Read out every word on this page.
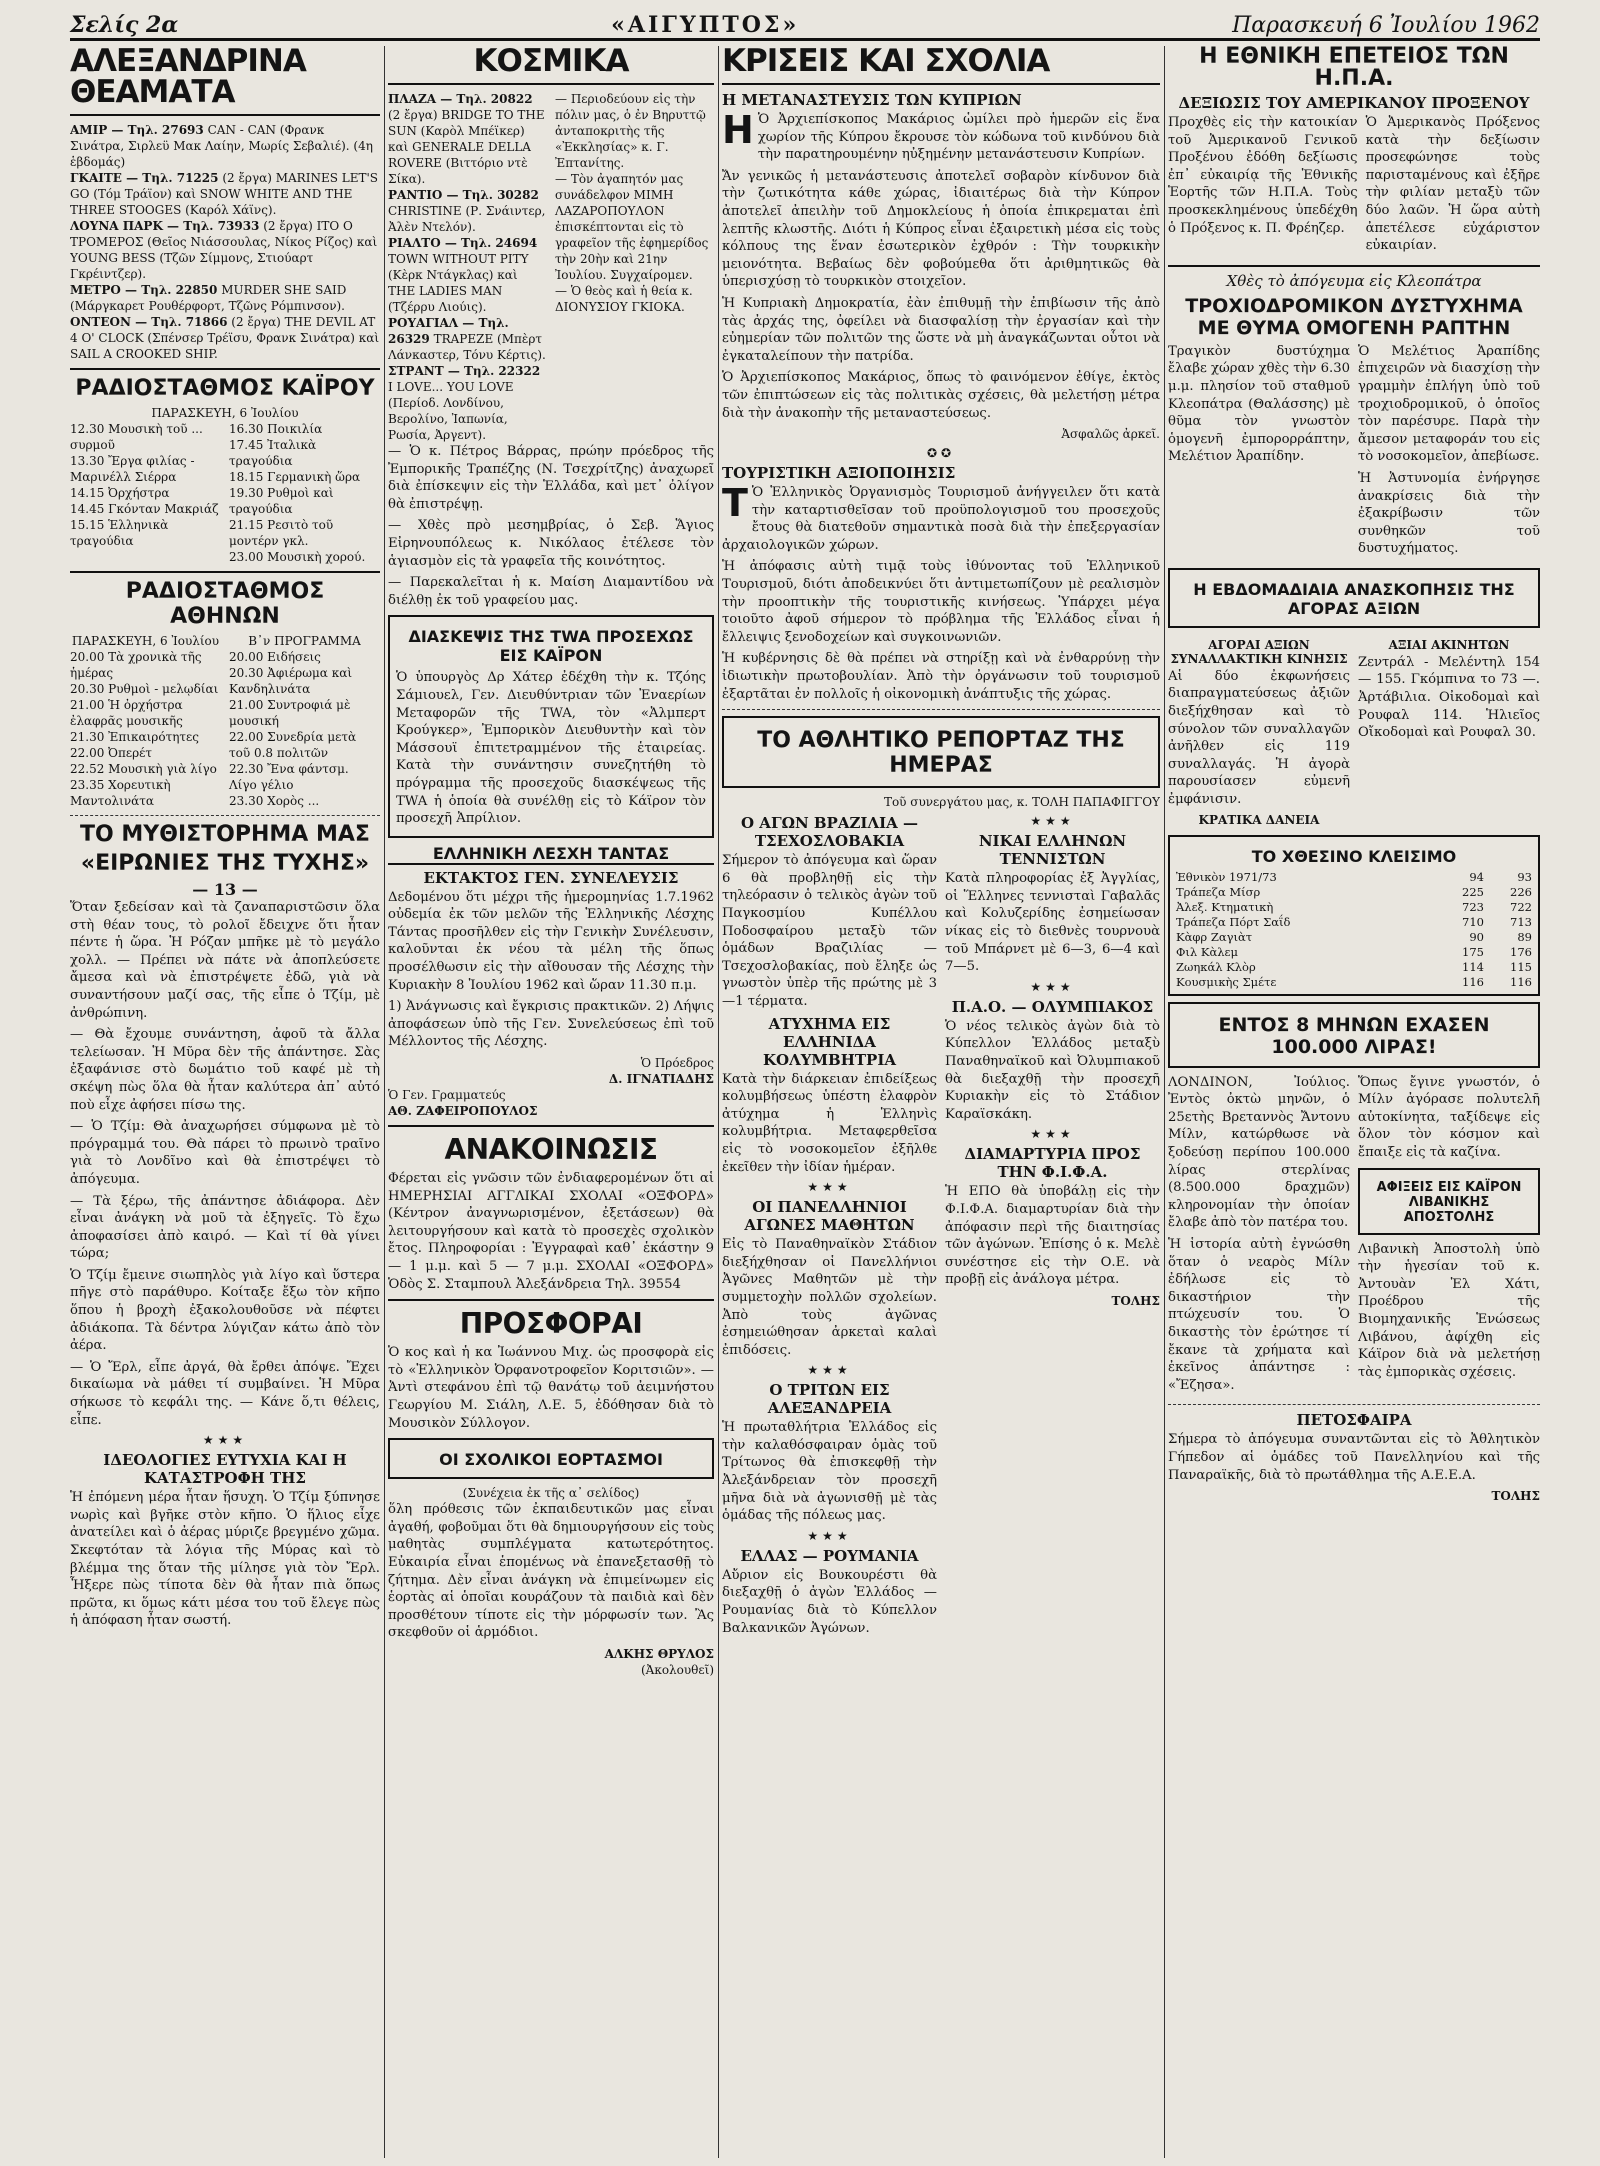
Σελίς 2α	«ΑΙΓΥΠΤΟΣ»	Παρασκευή 6 Ἰουλίου 1962
ΑΛΕΞΑΝΔΡΙΝΑ ΘΕΑΜΑΤΑ

ΑΜΙΡ — Τηλ. 27693 CAN - CAN (Φρανκ Σινάτρα, Σιρλεϋ Μακ Λαίην, Μωρίς Σεβαλιέ). (4η ἑβδομάς)

ΓΚΑΙΤΕ — Τηλ. 71225 (2 ἔργα) MARINES LET'S GO (Τόμ Τράϊον) καὶ SNOW WHITE AND THE THREE STOOGES (Καρόλ Χάϊνς).

ΛΟΥΝΑ ΠΑΡΚ — Τηλ. 73933 (2 ἔργα) ΙΤΟ Ο ΤΡΟΜΕΡΟΣ (Θεῖος Νιάσσουλας, Νίκος Ρίζος) καὶ YOUNG BESS (Τζῶν Σίμμονς, Στιούαρτ Γκρέιντζερ).

ΜΕΤΡΟ — Τηλ. 22850 MURDER SHE SAID (Μάργκαρετ Ρουθέρφορτ, Τζῶνς Ρόμπινσον).

ΟΝΤΕΟΝ — Τηλ. 71866 (2 ἔργα) THE DEVIL AT 4 O' CLOCK (Σπένσερ Τρέϊσυ, Φρανκ Σινάτρα) καὶ SAIL A CROOKED SHIP.

ΡΑΔΙΟΣΤΑΘΜΟΣ ΚΑΪΡΟΥ
ΠΑΡΑΣΚΕΥΗ, 6 Ἰουλίου
12.30 Μουσικὴ τοῦ ... συρμοῦ
13.30 Ἔργα φιλίας - Μαρινέλλ Σιέρρα
14.15 Ὀρχήστρα
14.45 Γκόνταν Μακριάζ
15.15 Ἑλληνικὰ τραγούδια
16.30 Ποικιλία
17.45 Ἰταλικὰ τραγούδια
18.15 Γερμανικὴ ὥρα
19.30 Ρυθμοὶ καὶ τραγούδια
21.15 Ρεσιτὸ τοῦ μοντέρν γκλ.
23.00 Μουσικὴ χορού.
ΡΑΔΙΟΣΤΑΘΜΟΣ ΑΘΗΝΩΝ
ΠΑΡΑΣΚΕΥΗ, 6 Ἰουλίου
20.00 Τὰ χρονικὰ τῆς ἡμέρας
20.30 Ρυθμοὶ - μελῳδίαι
21.00 Ἡ ὀρχήστρα ἐλαφρᾶς μουσικῆς
21.30 Ἐπικαιρότητες
22.00 Ὀπερέτ
22.52 Μουσικὴ γιὰ λίγο
23.35 Χορευτικὴ Μαντολινάτα
Β᾽ν ΠΡΟΓΡΑΜΜΑ
20.00 Ειδήσεις
20.30 Ἀφιέρωμα καὶ Κανδηλινάτα
21.00 Συντροφιά μὲ μουσική
22.00 Συνεδρία μετὰ τοῦ 0.8 πολιτῶν
22.30 Ἔνα φάντσμ. Λίγο γέλιο
23.30 Χορὸς ...
ΤΟ ΜΥΘΙΣΤΟΡΗΜΑ ΜΑΣ
«ΕΙΡΩΝΙΕΣ ΤΗΣ ΤΥΧΗΣ»
— 13 —

Ὅταν ξεδείσαν καὶ τὰ ζαναπαριστῶσιν ὅλα στὴ θέαν τους, τὸ ρολοῖ ἔδειχνε ὅτι ἦταν πέντε ἡ ὥρα. Ἡ Ρόζαν μπῆκε μὲ τὸ μεγάλο χολλ. — Πρέπει νὰ πάτε νὰ ἀποπλεύσετε ἄμεσα καὶ νὰ ἐπιστρέψετε ἐδῶ, γιὰ νὰ συναντήσουν μαζί σας, τῆς εἶπε ὁ Τζίμ, μὲ ἀνθρώπινη.

— Θὰ ἔχουμε συνάντηση, ἀφοῦ τὰ ἄλλα τελείωσαν. Ἡ Μῦρα δὲν τῆς ἀπάντησε. Σὰς ἐξαφάνισε στὸ δωμάτιο τοῦ καφέ μὲ τὴ σκέψη πὼς ὅλα θὰ ἦταν καλύτερα ἀπ᾽ αὐτό ποὺ εἶχε ἀφήσει πίσω της.

— Ὁ Τζίμ: Θὰ ἀναχωρήσει σύμφωνα μὲ τὸ πρόγραμμά του. Θὰ πάρει τὸ πρωινὸ τραῖνο γιὰ τὸ Λονδῖνο καὶ θὰ ἐπιστρέψει τὸ ἀπόγευμα.

— Τὰ ξέρω, τῆς ἀπάντησε ἀδιάφορα. Δὲν εἶναι ἀνάγκη νὰ μοῦ τὰ ἐξηγεῖς. Τὸ ἔχω ἀποφασίσει ἀπὸ καιρό. — Καὶ τί θὰ γίνει τώρα;

Ὁ Τζίμ ἔμεινε σιωπηλὸς γιὰ λίγο καὶ ὕστερα πῆγε στὸ παράθυρο. Κοίταξε ἔξω τὸν κῆπο ὅπου ἡ βροχὴ ἐξακολουθοῦσε νὰ πέφτει ἀδιάκοπα. Τὰ δέντρα λύγιζαν κάτω ἀπὸ τὸν ἀέρα.

— Ὁ Ἔρλ, εἶπε ἀργά, θὰ ἔρθει ἀπόψε. Ἔχει δικαίωμα νὰ μάθει τί συμβαίνει. Ἡ Μῦρα σήκωσε τὸ κεφάλι της. — Κάνε ὅ,τι θέλεις, εἶπε.

★★★
ΙΔΕΟΛΟΓΙΕΣ ΕΥΤΥΧΙΑ ΚΑΙ Η ΚΑΤΑΣΤΡΟΦΗ ΤΗΣ

Ἡ ἐπόμενη μέρα ἦταν ἥσυχη. Ὁ Τζίμ ξύπνησε νωρὶς καὶ βγῆκε στὸν κῆπο. Ὁ ἥλιος εἶχε ἀνατείλει καὶ ὁ ἀέρας μύριζε βρεγμένο χῶμα. Σκεφτόταν τὰ λόγια τῆς Μύρας καὶ τὸ βλέμμα της ὅταν τῆς μίλησε γιὰ τὸν Ἔρλ. Ἦξερε πὼς τίποτα δὲν θὰ ἦταν πιὰ ὅπως πρῶτα, κι ὅμως κάτι μέσα του τοῦ ἔλεγε πὼς ἡ ἀπόφαση ἦταν σωστή.

ΚΟΣΜΙΚΑ

ΠΛΑΖΑ — Τηλ. 20822 (2 ἔργα) BRIDGE TO THE SUN (Καρὸλ Μπέϊκερ) καὶ GENERALE DELLA ROVERE (Βιττόριο ντὲ Σίκα).

ΡΑΝΤΙΟ — Τηλ. 30282 CHRISTINE (Ρ. Σνάιντερ, Ἀλὲν Ντελόν).

ΡΙΑΛΤΟ — Τηλ. 24694 TOWN WITHOUT PITY (Κὲρκ Ντάγκλας) καὶ THE LADIES MAN (Τζέρρυ Λιούις).

ΡΟΥΑΓΙΑΛ — Τηλ. 26329 TRAPEZE (Μπὲρτ Λάνκαστερ, Τόνυ Κέρτις).

ΣΤΡΑΝΤ — Τηλ. 22322 I LOVE... YOU LOVE (Περίοδ. Λονδίνου, Βερολίνο, Ἰαπωνία, Ρωσία, Ἀργεντ).

— Περιοδεύουν εἰς τὴν πόλιν μας, ὁ ἐν Βηρυττῷ ἀνταποκριτὴς τῆς «Ἐκκλησίας» κ. Γ. Ἐπτανίτης.

— Τὸν ἀγαπητόν μας συνάδελφον ΜΙΜΗ ΛΑΖΑΡΟΠΟΥΛΟΝ ἐπισκέπτονται εἰς τὸ γραφεῖον τῆς ἐφημερίδος τὴν 20ὴν καὶ 21ην Ἰουλίου. Συγχαίρομεν.

— Ὁ θεὸς καὶ ἡ θεία κ. ΔΙΟΝΥΣΙΟΥ ΓΚΙΟΚΑ.

— Ὁ κ. Πέτρος Βάρρας, πρώην πρόεδρος τῆς Ἐμπορικῆς Τραπέζης (Ν. Τσεχρίτζης) ἀναχωρεῖ διὰ ἐπίσκεψιν εἰς τὴν Ἑλλάδα, καὶ μετ᾽ ὀλίγον θὰ ἐπιστρέψῃ.

— Χθὲς πρὸ μεσημβρίας, ὁ Σεβ. Ἅγιος Εἰρηνουπόλεως κ. Νικόλαος ἐτέλεσε τὸν ἁγιασμὸν εἰς τὰ γραφεῖα τῆς κοινότητος.

— Παρεκαλεῖται ἡ κ. Μαίση Διαμαντίδου νὰ διέλθῃ ἐκ τοῦ γραφείου μας.

ΔΙΑΣΚΕΨΙΣ ΤΗΣ TWA ΠΡΟΣΕΧΩΣ ΕΙΣ ΚΑΪΡΟΝ

Ὁ ὑπουργὸς Δρ Χάτερ ἐδέχθη τὴν κ. Τζόης Σάμιουελ, Γεν. Διευθύντριαν τῶν Ἐναερίων Μεταφορῶν τῆς TWA, τὸν «Ἀλμπερτ Κρούγκερ», Ἐμπορικὸν Διευθυντὴν καὶ τὸν Μάσσουϊ ἐπιτετραμμένον τῆς ἑταιρείας. Κατὰ τὴν συνάντησιν συνεζητήθη τὸ πρόγραμμα τῆς προσεχοῦς διασκέψεως τῆς TWA ἡ ὁποία θὰ συνέλθῃ εἰς τὸ Κάϊρον τὸν προσεχῆ Ἀπρίλιον.

ΕΛΛΗΝΙΚΗ ΛΕΣΧΗ ΤΑΝΤΑΣ
ΕΚΤΑΚΤΟΣ ΓΕΝ. ΣΥΝΕΛΕΥΣΙΣ

Δεδομένου ὅτι μέχρι τῆς ἡμερομηνίας 1.7.1962 οὐδεμία ἐκ τῶν μελῶν τῆς Ἑλληνικῆς Λέσχης Τάντας προσῆλθεν εἰς τὴν Γενικὴν Συνέλευσιν, καλοῦνται ἐκ νέου τὰ μέλη τῆς ὅπως προσέλθωσιν εἰς τὴν αἴθουσαν τῆς Λέσχης τὴν Κυριακὴν 8 Ἰουλίου 1962 καὶ ὥραν 11.30 π.μ.

1) Ἀνάγνωσις καὶ ἔγκρισις πρακτικῶν. 2) Λήψις ἀποφάσεων ὑπὸ τῆς Γεν. Συνελεύσεως ἐπὶ τοῦ Μέλλοντος τῆς Λέσχης.

Ὁ Πρόεδρος
Δ. ΙΓΝΑΤΙΑΔΗΣ
Ὁ Γεν. Γραμματεύς
ΑΘ. ΖΑΦΕΙΡΟΠΟΥΛΟΣ
ΑΝΑΚΟΙΝΩΣΙΣ

Φέρεται εἰς γνῶσιν τῶν ἐνδιαφερομένων ὅτι αἱ ΗΜΕΡΗΣΙΑΙ ΑΓΓΛΙΚΑΙ ΣΧΟΛΑΙ «ΟΞΦΟΡΔ» (Κέντρον ἀναγνωρισμένον, ἐξετάσεων) θὰ λειτουργήσουν καὶ κατὰ τὸ προσεχὲς σχολικὸν ἔτος. Πληροφορίαι : Ἐγγραφαὶ καθ᾽ ἑκάστην 9 — 1 μ.μ. καὶ 5 — 7 μ.μ. ΣΧΟΛΑΙ «ΟΞΦΟΡΔ» Ὁδὸς Σ. Σταμπουλ Ἀλεξάνδρεια Τηλ. 39554

ΠΡΟΣΦΟΡΑΙ

Ὁ κος καὶ ἡ κα Ἰωάννου Μιχ. ὡς προσφορὰ εἰς τὸ «Ἐλληνικὸν Ὀρφανοτροφεῖον Κοριτσιῶν». — Ἀντὶ στεφάνου ἐπὶ τῷ θανάτῳ τοῦ ἀειμνήστου Γεωργίου Μ. Σιάλη, Λ.Ε. 5, ἐδόθησαν διὰ τὸ Μουσικὸν Σύλλογον.

ΟΙ ΣΧΟΛΙΚΟΙ ΕΟΡΤΑΣΜΟΙ
(Συνέχεια ἐκ τῆς α᾽ σελίδος)

ὅλη πρόθεσις τῶν ἐκπαιδευτικῶν μας εἶναι ἀγαθή, φοβοῦμαι ὅτι θὰ δημιουργήσουν εἰς τοὺς μαθητὰς συμπλέγματα κατωτερότητος. Εὐκαιρία εἶναι ἑπομένως νὰ ἐπανεξετασθῇ τὸ ζήτημα. Δὲν εἶναι ἀνάγκη νὰ ἐπιμείνωμεν εἰς ἑορτὰς αἱ ὁποῖαι κουράζουν τὰ παιδιὰ καὶ δὲν προσθέτουν τίποτε εἰς τὴν μόρφωσίν των. Ἂς σκεφθοῦν οἱ ἁρμόδιοι.

ΑΛΚΗΣ ΘΡΥΛΟΣ
(Ἀκολουθεῖ)
ΚΡΙΣΕΙΣ ΚΑΙ ΣΧΟΛΙΑ
Η ΜΕΤΑΝΑΣΤΕΥΣΙΣ ΤΩΝ ΚΥΠΡΙΩΝ

Η Ὁ Ἀρχιεπίσκοπος Μακάριος ὡμίλει πρὸ ἡμερῶν εἰς ἕνα χωρίον τῆς Κύπρου ἔκρουσε τὸν κώδωνα τοῦ κινδύνου διὰ τὴν παρατηρουμένην ηὐξημένην μετανάστευσιν Κυπρίων.

Ἄν γενικῶς ἡ μετανάστευσις ἀποτελεῖ σοβαρὸν κίνδυνον διὰ τὴν ζωτικότητα κάθε χώρας, ἰδιαιτέρως διὰ τὴν Κύπρον ἀποτελεῖ ἀπειλὴν τοῦ Δημοκλείους ἡ ὁποία ἐπικρεμαται ἐπὶ λεπτῆς κλωστῆς. Διότι ἡ Κύπρος εἶναι ἐξαιρετικὴ μέσα εἰς τοὺς κόλπους της ἕναν ἐσωτερικὸν ἐχθρόν : Τὴν τουρκικὴν μειονότητα. Βεβαίως δὲν φοβούμεθα ὅτι ἀριθμητικῶς θὰ ὑπερισχύσῃ τὸ τουρκικὸν στοιχεῖον.

Ἡ Κυπριακὴ Δημοκρατία, ἐὰν ἐπιθυμῇ τὴν ἐπιβίωσιν τῆς ἀπὸ τὰς ἀρχάς της, ὀφείλει νὰ διασφαλίσῃ τὴν ἐργασίαν καὶ τὴν εὐημερίαν τῶν πολιτῶν της ὥστε νὰ μὴ ἀναγκάζωνται οὗτοι νὰ ἐγκαταλείπουν τὴν πατρίδα.

Ὁ Ἀρχιεπίσκοπος Μακάριος, ὅπως τὸ φαινόμενον ἐθίγε, ἐκτὸς τῶν ἐπιπτώσεων εἰς τὰς πολιτικὰς σχέσεις, θὰ μελετήσῃ μέτρα διὰ τὴν ἀνακοπὴν τῆς μεταναστεύσεως.

Ἀσφαλῶς ἀρκεῖ.
✪✪
ΤΟΥΡΙΣΤΙΚΗ ΑΞΙΟΠΟΙΗΣΙΣ

Τ Ὁ Ἑλληνικὸς Ὀργανισμὸς Τουρισμοῦ ἀνήγγειλεν ὅτι κατὰ τὴν καταρτισθεῖσαν τοῦ προϋπολογισμοῦ του προσεχοῦς ἔτους θὰ διατεθοῦν σημαντικὰ ποσὰ διὰ τὴν ἐπεξεργασίαν ἀρχαιολογικῶν χώρων.

Ἡ ἀπόφασις αὐτὴ τιμᾷ τοὺς ἰθύνοντας τοῦ Ἑλληνικοῦ Τουρισμοῦ, διότι ἀποδεικνύει ὅτι ἀντιμετωπίζουν μὲ ρεαλισμὸν τὴν προοπτικὴν τῆς τουριστικῆς κινήσεως. Ὑπάρχει μέγα τοιοῦτο ἀφοῦ σήμερον τὸ πρόβλημα τῆς Ἑλλάδος εἶναι ἡ ἔλλειψις ξενοδοχείων καὶ συγκοινωνιῶν.

Ἡ κυβέρνησις δὲ θὰ πρέπει νὰ στηρίξῃ καὶ νὰ ἐνθαρρύνῃ τὴν ἰδιωτικὴν πρωτοβουλίαν. Ἀπὸ τὴν ὀργάνωσιν τοῦ τουρισμοῦ ἐξαρτᾶται ἐν πολλοῖς ἡ οἰκονομικὴ ἀνάπτυξις τῆς χώρας.

ΤΟ ΑΘΛΗΤΙΚΟ ΡΕΠΟΡΤΑΖ ΤΗΣ ΗΜΕΡΑΣ
Τοῦ συνεργάτου μας, κ. ΤΟΛΗ ΠΑΠΑΦΙΓΓΟΥ
Ο ΑΓΩΝ ΒΡΑΖΙΛΙΑ — ΤΣΕΧΟΣΛΟΒΑΚΙΑ

Σήμερον τὸ ἀπόγευμα καὶ ὥραν 6 θὰ προβληθῇ εἰς τὴν τηλεόρασιν ὁ τελικὸς ἀγὼν τοῦ Παγκοσμίου Κυπέλλου Ποδοσφαίρου μεταξὺ τῶν ὁμάδων Βραζιλίας — Τσεχοσλοβακίας, ποὺ ἔληξε ὡς γνωστὸν ὑπὲρ τῆς πρώτης μὲ 3—1 τέρματα.

ΑΤΥΧΗΜΑ ΕΙΣ ΕΛΛΗΝΙΔΑ ΚΟΛΥΜΒΗΤΡΙΑ

Κατὰ τὴν διάρκειαν ἐπιδείξεως κολυμβήσεως ὑπέστη ἐλαφρὸν ἀτύχημα ἡ Ἑλληνὶς κολυμβήτρια. Μεταφερθεῖσα εἰς τὸ νοσοκομεῖον ἐξῆλθε ἐκεῖθεν τὴν ἰδίαν ἡμέραν.

★★★
ΟΙ ΠΑΝΕΛΛΗΝΙΟΙ ΑΓΩΝΕΣ ΜΑΘΗΤΩΝ

Εἰς τὸ Παναθηναϊκὸν Στάδιον διεξήχθησαν οἱ Πανελλήνιοι Ἀγῶνες Μαθητῶν μὲ τὴν συμμετοχὴν πολλῶν σχολείων. Ἀπὸ τοὺς ἀγῶνας ἐσημειώθησαν ἀρκεταὶ καλαὶ ἐπιδόσεις.

★★★
Ο ΤΡΙΤΩΝ ΕΙΣ ΑΛΕΞΑΝΔΡΕΙΑ

Ἡ πρωταθλήτρια Ἑλλάδος εἰς τὴν καλαθόσφαιραν ὁμὰς τοῦ Τρίτωνος θὰ ἐπισκεφθῇ τὴν Ἀλεξάνδρειαν τὸν προσεχῆ μῆνα διὰ νὰ ἀγωνισθῇ μὲ τὰς ὁμάδας τῆς πόλεως μας.

★★★
ΕΛΛΑΣ — ΡΟΥΜΑΝΙΑ

Αὔριον εἰς Βουκουρέστι θὰ διεξαχθῇ ὁ ἀγὼν Ἑλλάδος — Ρουμανίας διὰ τὸ Κύπελλον Βαλκανικῶν Ἀγώνων.

★★★
ΝΙΚΑΙ ΕΛΛΗΝΩΝ ΤΕΝΝΙΣΤΩΝ

Κατὰ πληροφορίας ἐξ Ἀγγλίας, οἱ Ἕλληνες τεννισταὶ Γαβαλᾶς καὶ Κολυζερίδης ἐσημείωσαν νίκας εἰς τὸ διεθνὲς τουρνουὰ τοῦ Μπάρνετ μὲ 6—3, 6—4 καὶ 7—5.

★★★
Π.Α.Ο. — ΟΛΥΜΠΙΑΚΟΣ

Ὁ νέος τελικὸς ἀγὼν διὰ τὸ Κύπελλον Ἑλλάδος μεταξὺ Παναθηναϊκοῦ καὶ Ὀλυμπιακοῦ θὰ διεξαχθῇ τὴν προσεχῆ Κυριακὴν εἰς τὸ Στάδιον Καραϊσκάκη.

★★★
ΔΙΑΜΑΡΤΥΡΙΑ ΠΡΟΣ ΤΗΝ Φ.Ι.Φ.Α.

Ἡ ΕΠΟ θὰ ὑποβάλῃ εἰς τὴν Φ.Ι.Φ.Α. διαμαρτυρίαν διὰ τὴν ἀπόφασιν περὶ τῆς διαιτησίας τῶν ἀγώνων. Ἐπίσης ὁ κ. Μελὲ συνέστησε εἰς τὴν Ο.Ε. νὰ προβῇ εἰς ἀνάλογα μέτρα.

ΤΟΛΗΣ
Η ΕΘΝΙΚΗ ΕΠΕΤΕΙΟΣ ΤΩΝ Η.Π.Α.
ΔΕΞΙΩΣΙΣ ΤΟΥ ΑΜΕΡΙΚΑΝΟΥ ΠΡΟΞΕΝΟΥ

Προχθὲς εἰς τὴν κατοικίαν τοῦ Ἀμερικανοῦ Γενικοῦ Προξένου ἐδόθη δεξίωσις ἐπ᾽ εὐκαιρίᾳ τῆς Ἐθνικῆς Ἑορτῆς τῶν Η.Π.Α. Τοὺς προσκεκλημένους ὑπεδέχθη ὁ Πρόξενος κ. Π. Φρέηζερ.

Ὁ Ἀμερικανὸς Πρόξενος κατὰ τὴν δεξίωσιν προσεφώνησε τοὺς παρισταμένους καὶ ἐξῆρε τὴν φιλίαν μεταξὺ τῶν δύο λαῶν. Ἡ ὥρα αὐτὴ ἀπετέλεσε εὐχάριστον εὐκαιρίαν.

Χθὲς τὸ ἀπόγευμα εἰς Κλεοπάτρα
ΤΡΟΧΙΟΔΡΟΜΙΚΟΝ ΔΥΣΤΥΧΗΜΑ ΜΕ ΘΥΜΑ ΟΜΟΓΕΝΗ ΡΑΠΤΗΝ

Τραγικὸν δυστύχημα ἔλαβε χώραν χθὲς τὴν 6.30 μ.μ. πλησίον τοῦ σταθμοῦ Κλεοπάτρα (Θαλάσσης) μὲ θῦμα τὸν γνωστὸν ὁμογενῆ ἐμπορορράπτην, Μελέτιον Ἀραπίδην.

Ὁ Μελέτιος Ἀραπίδης ἐπιχειρῶν νὰ διασχίσῃ τὴν γραμμὴν ἐπλήγη ὑπὸ τοῦ τροχιοδρομικοῦ, ὁ ὁποῖος τὸν παρέσυρε. Παρὰ τὴν ἄμεσον μεταφοράν του εἰς τὸ νοσοκομεῖον, ἀπεβίωσε.

Ἡ Ἀστυνομία ἐνήργησε ἀνακρίσεις διὰ τὴν ἐξακρίβωσιν τῶν συνθηκῶν τοῦ δυστυχήματος.

Η ΕΒΔΟΜΑΔΙΑΙΑ ΑΝΑΣΚΟΠΗΣΙΣ ΤΗΣ ΑΓΟΡΑΣ ΑΞΙΩΝ
ΑΓΟΡΑΙ ΑΞΙΩΝ ΣΥΝΑΛΛΑΚΤΙΚΗ ΚΙΝΗΣΙΣ

Αἱ δύο ἐκφωνήσεις διαπραγματεύσεως ἀξιῶν διεξήχθησαν καὶ τὸ σύνολον τῶν συναλλαγῶν ἀνῆλθεν εἰς 119 συναλλαγάς. Ἡ ἀγορὰ παρουσίασεν εὐμενῆ ἐμφάνισιν.

ΚΡΑΤΙΚΑ ΔΑΝΕΙΑ
ΑΞΙΑΙ ΑΚΙΝΗΤΩΝ

Ζεντράλ - Μελέντηλ 154 — 155. Γκόμπινα το 73 —. Ἀρτάβιλια. Οἰκοδομαὶ καὶ Ρουφαλ 114. Ἡλιεῖος Οἴκοδομαὶ καὶ Ρουφαλ 30.

ΤΟ ΧΘΕΣΙΝΟ ΚΛΕΙΣΙΜΟ
Ἐθνικὸν 1971/73	94	93
Τράπεζα Μίσρ	225	226
Ἀλεξ. Κτηματικὴ	723	722
Τράπεζα Πόρτ Σαΐδ	710	713
Κὰφρ Ζαγιὰτ	90	89
Φιλ Κὰλεμ	175	176
Ζωηκάλ Κλὸρ	114	115
Κουσμικὴς Σμέτε	116	116
ΕΝΤΟΣ 8 ΜΗΝΩΝ ΕΧΑΣΕΝ 100.000 ΛΙΡΑΣ!

ΛΟΝΔΙΝΟΝ, Ἰούλιος. Ἐντὸς ὀκτὼ μηνῶν, ὁ 25ετὴς Βρεταννὸς Ἄντονυ Μίλν, κατώρθωσε νὰ ξοδεύσῃ περίπου 100.000 λίρας στερλίνας (8.500.000 δραχμῶν) κληρονομίαν τὴν ὁποίαν ἔλαβε ἀπὸ τὸν πατέρα του.

Ἡ ἱστορία αὐτὴ ἐγνώσθη ὅταν ὁ νεαρὸς Μίλν ἐδήλωσε εἰς τὸ δικαστήριον τὴν πτώχευσίν του. Ὁ δικαστὴς τὸν ἐρώτησε τί ἔκανε τὰ χρήματα καὶ ἐκεῖνος ἀπάντησε : «Ἔζησα».

Ὅπως ἔγινε γνωστόν, ὁ Μίλν ἀγόρασε πολυτελῆ αὐτοκίνητα, ταξίδεψε εἰς ὅλον τὸν κόσμον καὶ ἔπαιξε εἰς τὰ καζίνα.

ΑΦΙΞΕΙΣ ΕΙΣ ΚΑΪΡΟΝ ΛΙΒΑΝΙΚΗΣ ΑΠΟΣΤΟΛΗΣ

Λιβανικὴ Ἀποστολὴ ὑπὸ τὴν ἡγεσίαν τοῦ κ. Ἀντουὰν Ἐλ Χάτι, Προέδρου τῆς Βιομηχανικῆς Ἑνώσεως Λιβάνου, ἀφίχθη εἰς Κάϊρον διὰ νὰ μελετήσῃ τὰς ἐμπορικὰς σχέσεις.

ΠΕΤΟΣΦΑΙΡΑ

Σήμερα τὸ ἀπόγευμα συναντῶνται εἰς τὸ Ἀθλητικὸν Γήπεδον αἱ ὁμάδες τοῦ Πανελληνίου καὶ τῆς Παναραϊκῆς, διὰ τὸ πρωτάθλημα τῆς Α.Ε.Ε.Α.

ΤΟΛΗΣ
